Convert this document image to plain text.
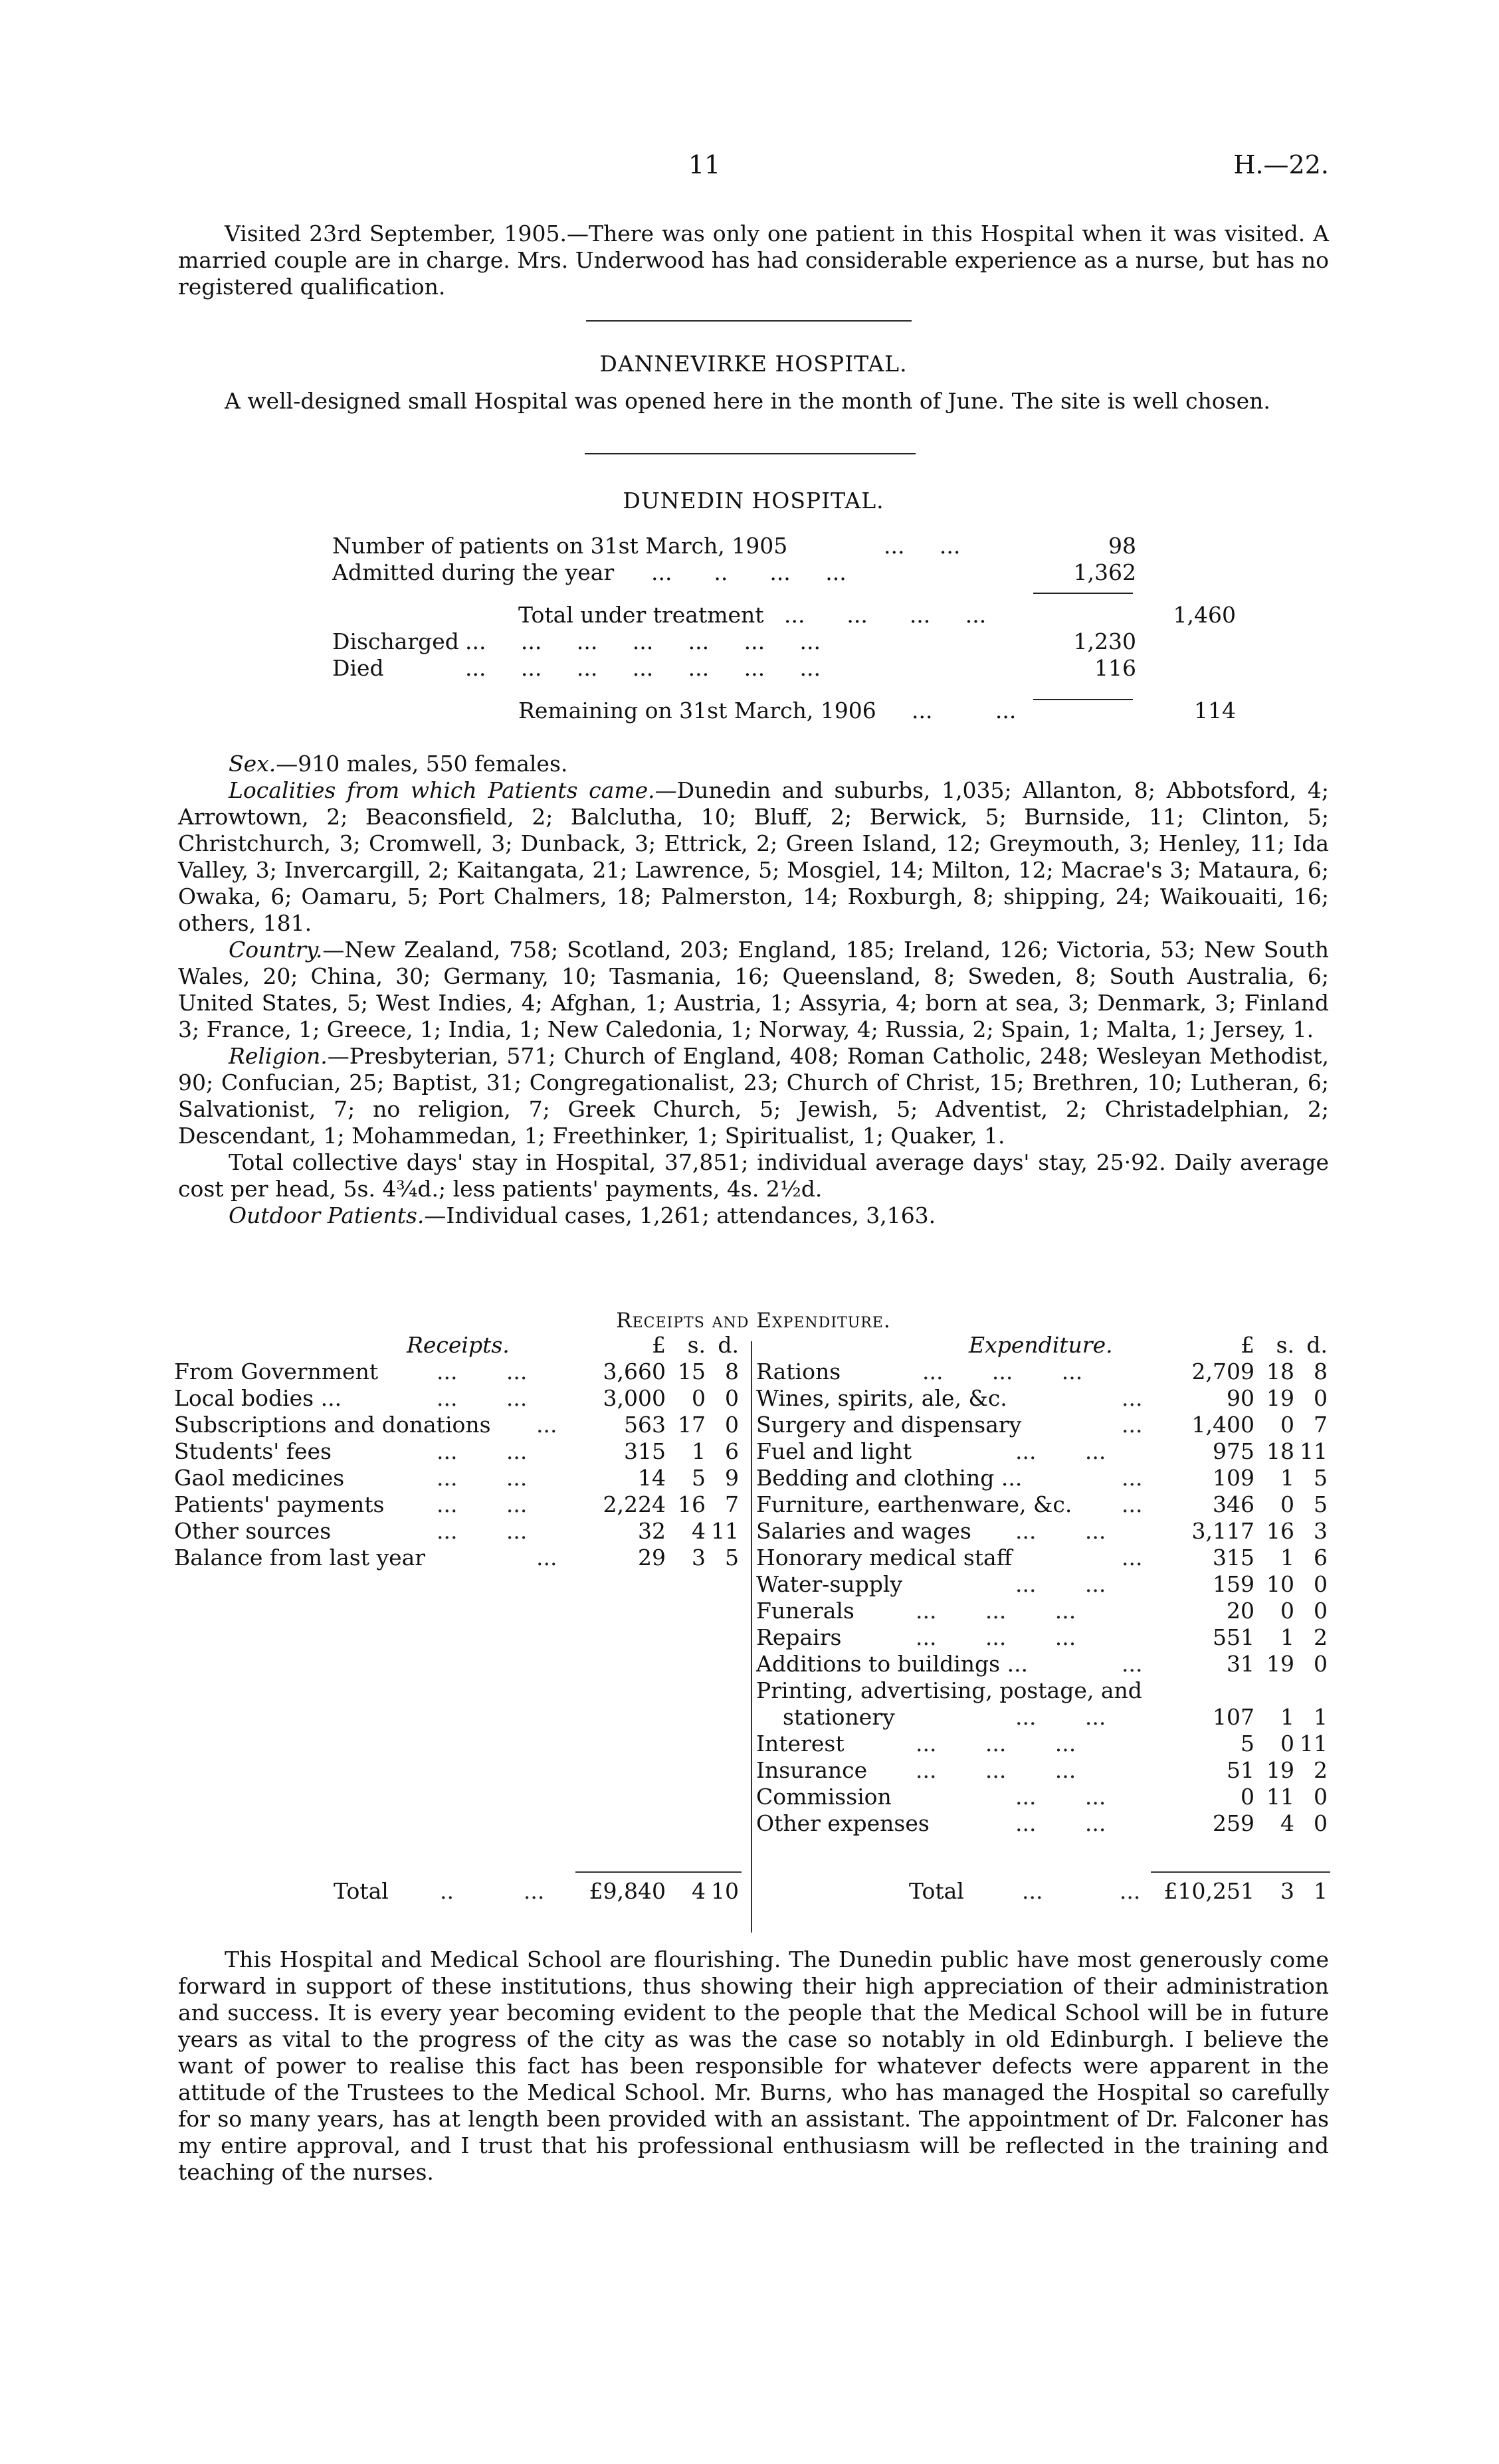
11	H.—22.
Visited 23rd September, 1905.—There was only one patient in this Hospital when it was visited. A married couple are in charge. Mrs. Underwood has had considerable experience as a nurse, but has no registered qualification.
DANNEVIRKE HOSPITAL.
A well-designed small Hospital was opened here in the month of June. The site is well chosen.
DUNEDIN HOSPITAL.
Number of patients on 31st March, 1905	...     ...	98
Admitted during the year ...      ..      ...     ...	1,362
Total under treatment ...      ...      ...     ...	1,460
Discharged ...     ...     ...     ...     ...     ...     ...	1,230
Died	...     ...     ...     ...     ...     ...     ...	116
Remaining on 31st March, 1906 ...         ...	114

Sex.—910 males, 550 females.

Localities from which Patients came.—Dunedin and suburbs, 1,035; Allanton, 8; Abbotsford, 4; Arrowtown, 2; Beaconsfield, 2; Balclutha, 10; Bluff, 2; Berwick, 5; Burnside, 11; Clinton, 5; Christchurch, 3; Cromwell, 3; Dunback, 3; Ettrick, 2; Green Island, 12; Greymouth, 3; Henley, 11; Ida Valley, 3; Invercargill, 2; Kaitangata, 21; Lawrence, 5; Mosgiel, 14; Milton, 12; Macrae's 3; Mataura, 6; Owaka, 6; Oamaru, 5; Port Chalmers, 18; Palmerston, 14; Roxburgh, 8; shipping, 24; Waikouaiti, 16; others, 181.

Country.—New Zealand, 758; Scotland, 203; England, 185; Ireland, 126; Victoria, 53; New South Wales, 20; China, 30; Germany, 10; Tasmania, 16; Queensland, 8; Sweden, 8; South Australia, 6; United States, 5; West Indies, 4; Afghan, 1; Austria, 1; Assyria, 4; born at sea, 3; Denmark, 3; Finland 3; France, 1; Greece, 1; India, 1; New Caledonia, 1; Norway, 4; Russia, 2; Spain, 1; Malta, 1; Jersey, 1.

Religion.—Presbyterian, 571; Church of England, 408; Roman Catholic, 248; Wesleyan Methodist, 90; Confucian, 25; Baptist, 31; Congregationalist, 23; Church of Christ, 15; Brethren, 10; Lutheran, 6; Salvationist, 7; no religion, 7; Greek Church, 5; Jewish, 5; Adventist, 2; Christadelphian, 2; Descendant, 1; Mohammedan, 1; Freethinker, 1; Spiritualist, 1; Quaker, 1.

Total collective days' stay in Hospital, 37,851; individual average days' stay, 25·92. Daily average cost per head, 5s. 4¾d.; less patients' payments, 4s. 2½d.

Outdoor Patients.—Individual cases, 1,261; attendances, 3,163.

Receipts and Expenditure.
Receipts.	£ s. d.
From Government	...       ...	3,660 15 8
Local bodies ...	...       ...	3,000	0 0
Subscriptions and donations ...	563 17 0
Students' fees	...       ...	315	1 6
Gaol medicines	...       ...	14	5 9
Patients' payments ...       ...	2,224 16 7
Other sources	...       ...	32	4 11
Balance from last year	...	29	3 5
Expenditure.	£ s. d.
Rations	...       ...       ...	2,709 18 8
Wines, spirits, ale, &c.	...	90 19 0
Surgery and dispensary	...	1,400	0 7
Fuel and light	...       ...	975 18 11
Bedding and clothing ...	...	109	1 5
Furniture, earthenware, &c. ...	346	0 5
Salaries and wages ...       ...	3,117 16 3
Honorary medical staff	...	315	1 6
Water-supply	...       ...	159 10 0
Funerals	...       ...       ...	20	0 0
Repairs	...       ...       ...	551	1 2
Additions to buildings ...	...	31 19 0
Printing, advertising, postage, and
stationery	...       ...	107	1 1
Interest	...       ...       ...	5	0 11
Insurance ...       ...       ...	51 19 2
Commission	...       ...	0 11 0
Other expenses	...       ...	259	4 0
Total ..          ...	£9,840	4 10	Total	...           ...	£10,251	3 1
This Hospital and Medical School are flourishing. The Dunedin public have most generously come forward in support of these institutions, thus showing their high appreciation of their administration and success. It is every year becoming evident to the people that the Medical School will be in future years as vital to the progress of the city as was the case so notably in old Edinburgh. I believe the want of power to realise this fact has been responsible for whatever defects were apparent in the attitude of the Trustees to the Medical School. Mr. Burns, who has managed the Hospital so carefully for so many years, has at length been provided with an assistant. The appointment of Dr. Falconer has my entire approval, and I trust that his professional enthusiasm will be reflected in the training and teaching of the nurses.
